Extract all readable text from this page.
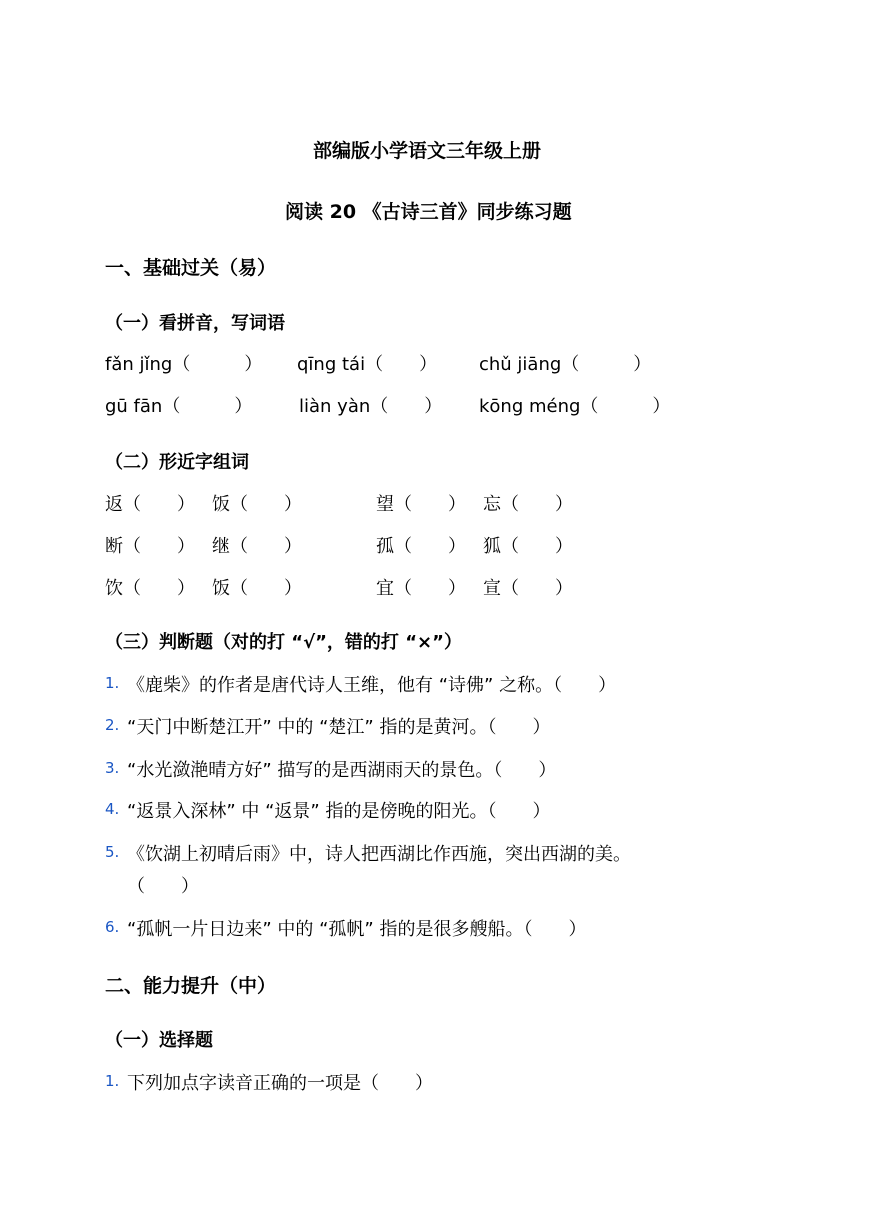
部编版小学语文三年级上册
阅读 20 《古诗三首》同步练习题
一、基础过关（易）
（一）看拼音，写词语
fǎn jǐng（　　　） qīng tái（　　） chǔ jiāng（　　　）
gū fān（　　　）	liàn yàn（　　） kōng méng（　　　）
（二）形近字组词
返（　　） 饭（　　）	望（　　） 忘（　　）
断（　　） 继（　　）	孤（　　） 狐（　　）
饮（　　） 饭（　　）	宜（　　） 宣（　　）
（三）判断题（对的打 “√”，错的打 “×”）
1. 《鹿柴》的作者是唐代诗人王维，他有 “诗佛” 之称。（　　）
2. “天门中断楚江开” 中的 “楚江” 指的是黄河。（　　）
3. “水光潋滟晴方好” 描写的是西湖雨天的景色。（　　）
4. “返景入深林” 中 “返景” 指的是傍晚的阳光。（　　）
5. 《饮湖上初晴后雨》中，诗人把西湖比作西施，突出西湖的美。
（　　）
6. “孤帆一片日边来” 中的 “孤帆” 指的是很多艘船。（　　）
二、能力提升（中）
（一）选择题
1. 下列加点字读音正确的一项是（　　）
